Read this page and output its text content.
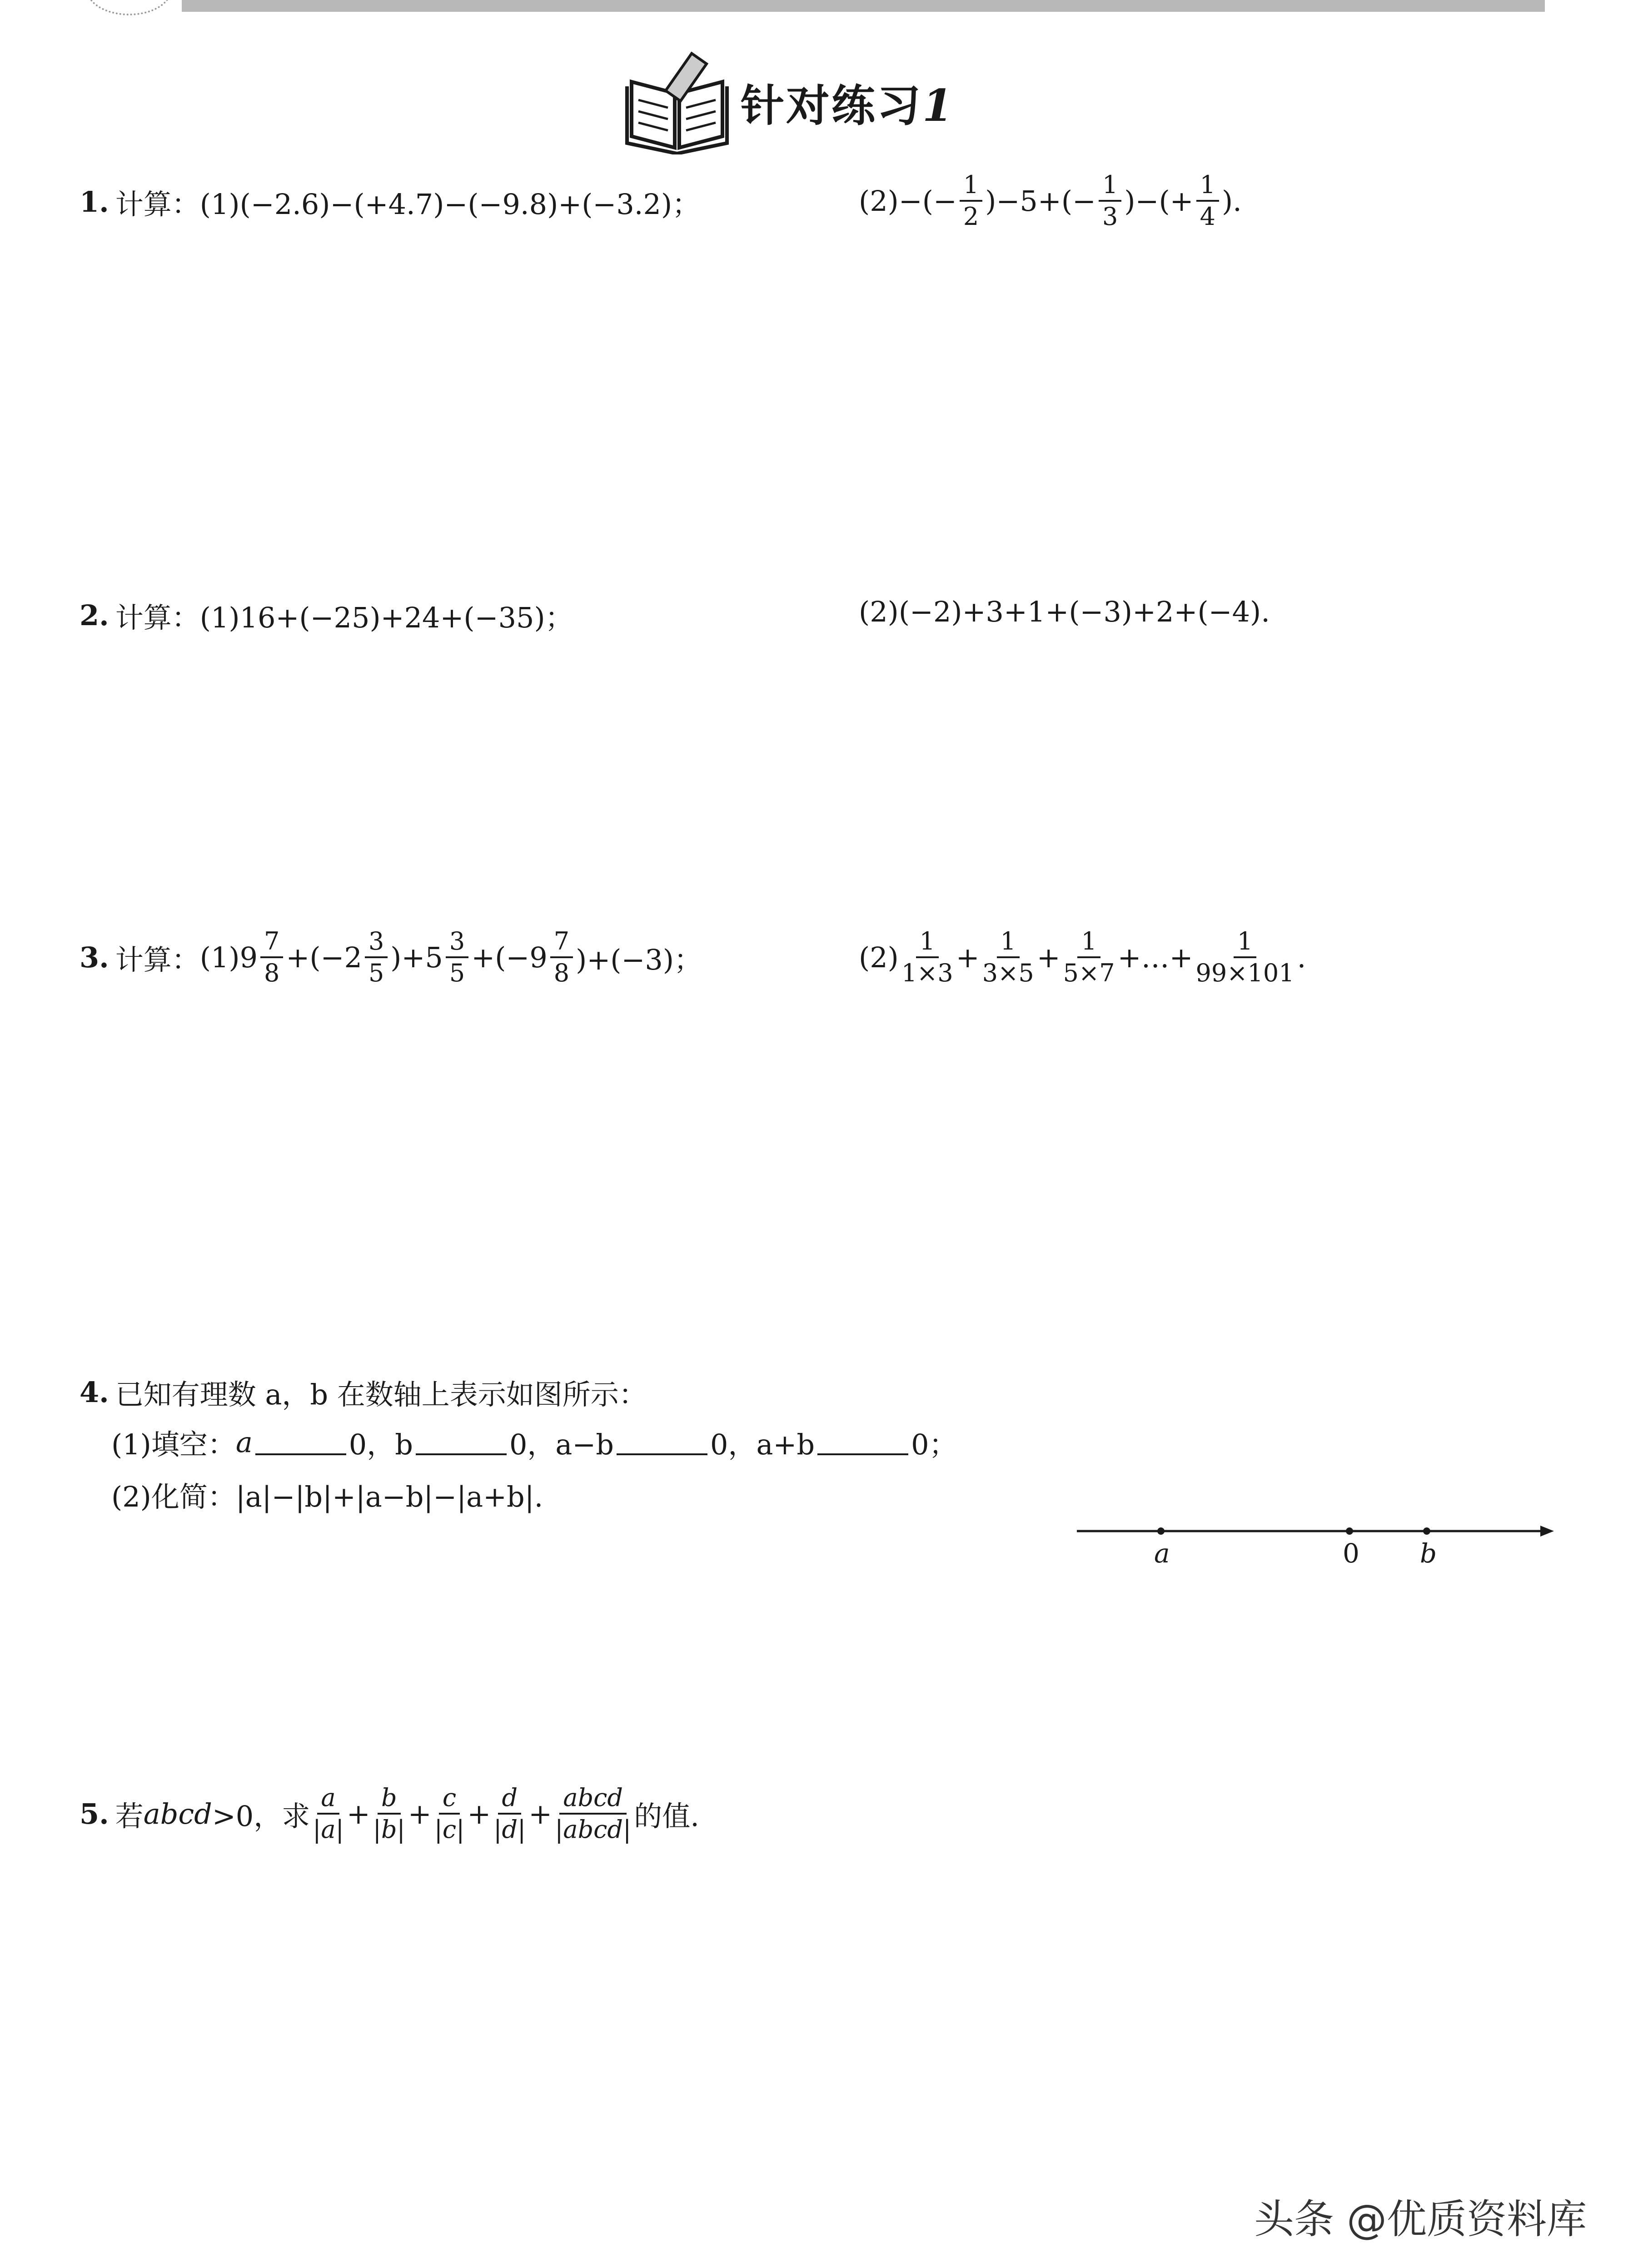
针对练习1
1. 计算： (1)(−2.6)−(+4.7)−(−9.8)+(−3.2)；	$(2)-(- \frac{1}{2} )-5+(- \frac{1}{3}$ )−(+ $\frac{1}{4}$ ).
2. 计算： (1)16+(−25)+24+(−35)；	(2)(−2)+3+1+(−3)+2+(−4).
3. 计算： $(1)9 \frac{7}{8} +(-2 \frac{3}{5} )+5 \frac{3}{5} +(-9 \frac{7}{8} )+(-3)$；	$(2) \frac{1}{1\times 3} + \frac{1}{3\times 5} + \frac{1}{5\times 7}$ +…+ $\frac{1}{99\times 101}$ .
4. 已知有理数 a，b 在数轴上表示如图所示：
(1)填空： a	0，b	0，a−b	0，a+b	0；
(2)化简：|a|−|b|+|a−b|−|a+b|.
a	0 b
5. 若 abcd >0，求 $\frac{a}{|a|} + \frac{b}{|b|} + \frac{c}{|c|} + \frac{d}{|d|} + \frac{\text{abcd}}{\text{|abcd|}}$ 的值.
头条 @优质资料库
